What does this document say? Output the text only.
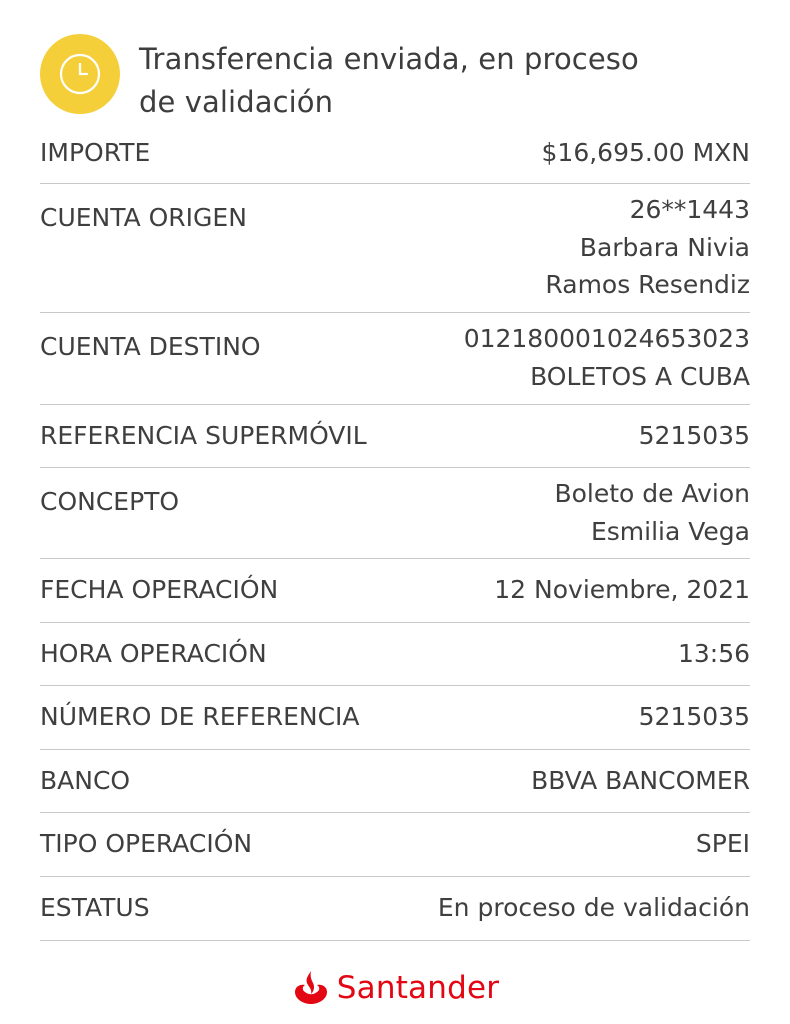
Transferencia enviada, en proceso
de validación
IMPORTE	$16,695.00 MXN
CUENTA ORIGEN	26**1443
Barbara Nivia
Ramos Resendiz
CUENTA DESTINO	012180001024653023
BOLETOS A CUBA
REFERENCIA SUPERMÓVIL	5215035
CONCEPTO	Boleto de Avion
Esmilia Vega
FECHA OPERACIÓN	12 Noviembre, 2021
HORA OPERACIÓN	13:56
NÚMERO DE REFERENCIA	5215035
BANCO	BBVA BANCOMER
TIPO OPERACIÓN	SPEI
ESTATUS	En proceso de validación
Santander
